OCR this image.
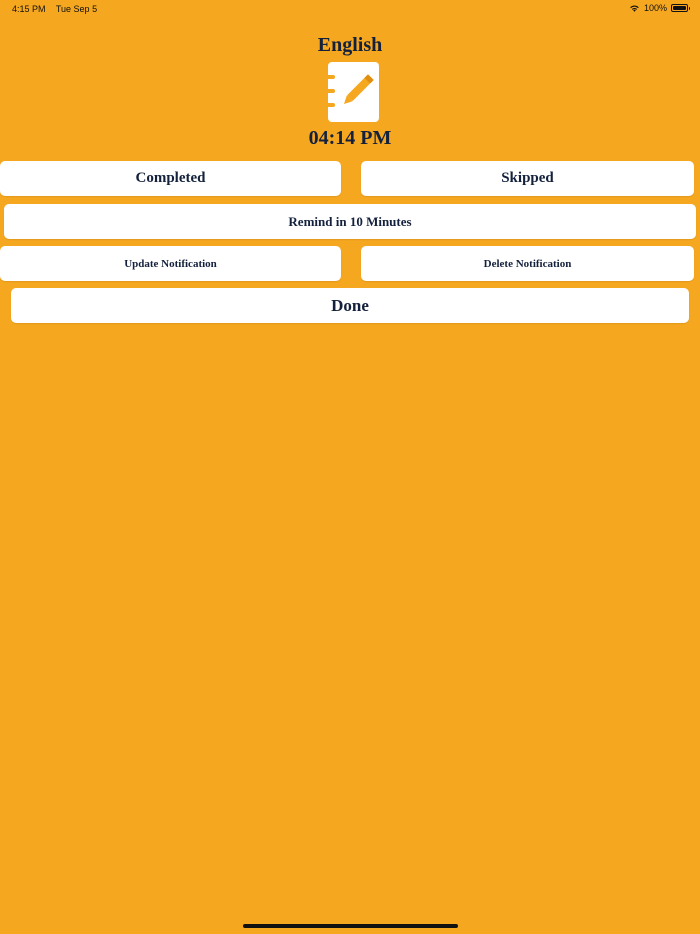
4:15 PM Tue Sep 5	100%
English
04:14 PM
Completed	Skipped
Remind in 10 Minutes
Update Notification	Delete Notification
Done
